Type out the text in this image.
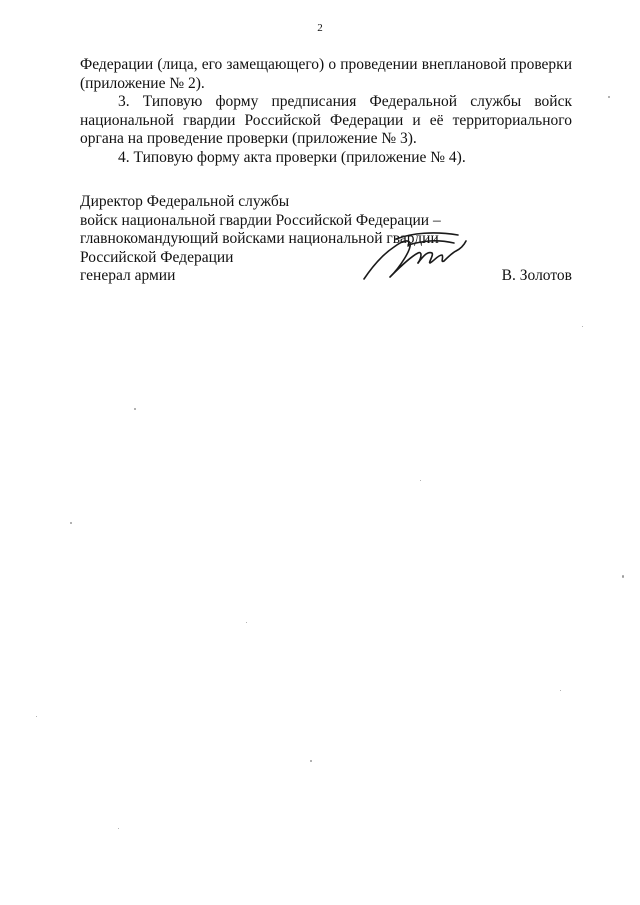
2

Федерации (лица, его замещающего) о проведении внеплановой проверки (приложение № 2).

3. Типовую форму предписания Федеральной службы войск национальной гвардии Российской Федерации и её территориального органа на проведение проверки (приложение № 3).

4. Типовую форму акта проверки (приложение № 4).

Директор Федеральной службы
войск национальной гвардии Российской Федерации –
главнокомандующий войсками национальной гвардии
Российской Федерации
генерал армии	В. Золотов
